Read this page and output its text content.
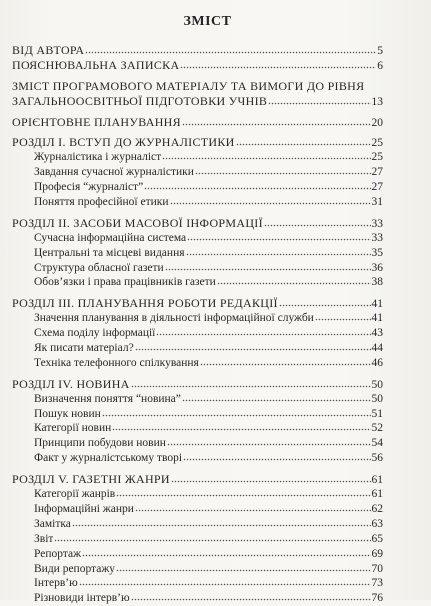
ЗМІСТ
ВІД АВТОРА	5
ПОЯСНЮВАЛЬНА ЗАПИСКА	6
ЗМІСТ ПРОГРАМОВОГО МАТЕРІАЛУ ТА ВИМОГИ ДО РІВНЯ
ЗАГАЛЬНООСВІТНЬОЇ ПІДГОТОВКИ УЧНІВ	13
ОРІЄНТОВНЕ ПЛАНУВАННЯ	20
РОЗДІЛ І. ВСТУП ДО ЖУРНАЛІСТИКИ	25
Журналістика і журналіст	25
Завдання сучасної журналістики	27
Професія “журналіст”	27
Поняття професійної етики	31
РОЗДІЛ ІІ. ЗАСОБИ МАСОВОЇ ІНФОРМАЦІЇ	33
Сучасна інформаційна система	33
Центральні та місцеві видання	35
Структура обласної газети	36
Обов’язки і права працівників газети	38
РОЗДІЛ ІІІ. ПЛАНУВАННЯ РОБОТИ РЕДАКЦІЇ	41
Значення планування в діяльності інформаційної служби	41
Схема поділу інформації	43
Як писати матеріал?	44
Техніка телефонного спілкування	46
РОЗДІЛ IV. НОВИНА	50
Визначення поняття “новина”	50
Пошук новин	51
Категорії новин	52
Принципи побудови новин	54
Факт у журналістському творі	56
РОЗДІЛ V. ГАЗЕТНІ ЖАНРИ	61
Категорії жанрів	61
Інформаційні жанри	62
Замітка	63
Звіт	65
Репортаж	69
Види репортажу	70
Інтерв’ю	73
Різновиди інтерв’ю	76
